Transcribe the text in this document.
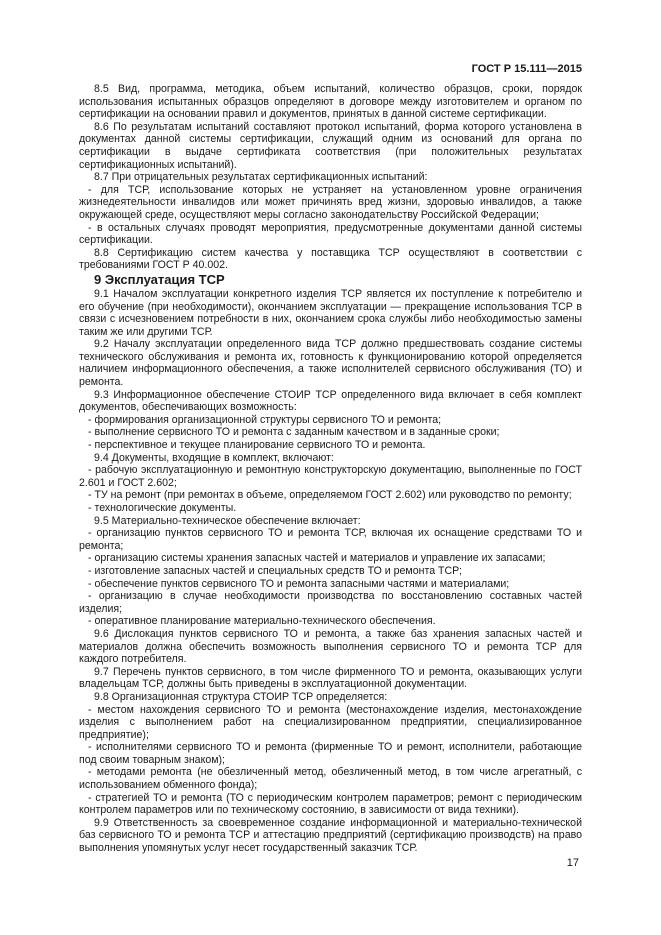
ГОСТ Р 15.111—2015

8.5 Вид, программа, методика, объем испытаний, количество образцов, сроки, порядок использования испытанных образцов определяют в договоре между изготовителем и органом по сертификации на основании правил и документов, принятых в данной системе сертификации.

8.6 По результатам испытаний составляют протокол испытаний, форма которого установлена в документах данной системы сертификации, служащий одним из оснований для органа по сертификации в выдаче сертификата соответствия (при положительных результатах сертификационных испытаний).

8.7 При отрицательных результатах сертификационных испытаний:

- для ТСР, использование которых не устраняет на установленном уровне ограничения жизнедеятельности инвалидов или может причинять вред жизни, здоровью инвалидов, а также окружающей среде, осуществляют меры согласно законодательству Российской Федерации;

- в остальных случаях проводят мероприятия, предусмотренные документами данной системы сертификации.

8.8 Сертификацию систем качества у поставщика ТСР осуществляют в соответствии с требованиями ГОСТ Р 40.002.

9 Эксплуатация ТСР

9.1 Началом эксплуатации конкретного изделия ТСР является их поступление к потребителю и его обучение (при необходимости), окончанием эксплуатации — прекращение использования ТСР в связи с исчезновением потребности в них, окончанием срока службы либо необходимостью замены таким же или другими ТСР.

9.2 Началу эксплуатации определенного вида ТСР должно предшествовать создание системы технического обслуживания и ремонта их, готовность к функционированию которой определяется наличием информационного обеспечения, а также исполнителей сервисного обслуживания (ТО) и ремонта.

9.3 Информационное обеспечение СТОИР ТСР определенного вида включает в себя комплект документов, обеспечивающих возможность:

- формирования организационной структуры сервисного ТО и ремонта;

- выполнение сервисного ТО и ремонта с заданным качеством и в заданные сроки;

- перспективное и текущее планирование сервисного ТО и ремонта.

9.4 Документы, входящие в комплект, включают:

- рабочую эксплуатационную и ремонтную конструкторскую документацию, выполненные по ГОСТ 2.601 и ГОСТ 2.602;

- ТУ на ремонт (при ремонтах в объеме, определяемом ГОСТ 2.602) или руководство по ремонту;

- технологические документы.

9.5 Материально-техническое обеспечение включает:

- организацию пунктов сервисного ТО и ремонта ТСР, включая их оснащение средствами ТО и ремонта;

- организацию системы хранения запасных частей и материалов и управление их запасами;

- изготовление запасных частей и специальных средств ТО и ремонта ТСР;

- обеспечение пунктов сервисного ТО и ремонта запасными частями и материалами;

- организацию в случае необходимости производства по восстановлению составных частей изделия;

- оперативное планирование материально-технического обеспечения.

9.6 Дислокация пунктов сервисного ТО и ремонта, а также баз хранения запасных частей и материалов должна обеспечить возможность выполнения сервисного ТО и ремонта ТСР для каждого потребителя.

9.7 Перечень пунктов сервисного, в том числе фирменного ТО и ремонта, оказывающих услуги владельцам ТСР, должны быть приведены в эксплуатационной документации.

9.8 Организационная структура СТОИР ТСР определяется:

- местом нахождения сервисного ТО и ремонта (местонахождение изделия, местонахождение изделия с выполнением работ на специализированном предприятии, специализированное предприятие);

- исполнителями сервисного ТО и ремонта (фирменные ТО и ремонт, исполнители, работающие под своим товарным знаком);

- методами ремонта (не обезличенный метод, обезличенный метод, в том числе агрегатный, с использованием обменного фонда);

- стратегией ТО и ремонта (ТО с периодическим контролем параметров; ремонт с периодическим контролем параметров или по техническому состоянию, в зависимости от вида техники).

9.9 Ответственность за своевременное создание информационной и материально-технической баз сервисного ТО и ремонта ТСР и аттестацию предприятий (сертификацию производств) на право выполнения упомянутых услуг несет государственный заказчик ТСР.

17
